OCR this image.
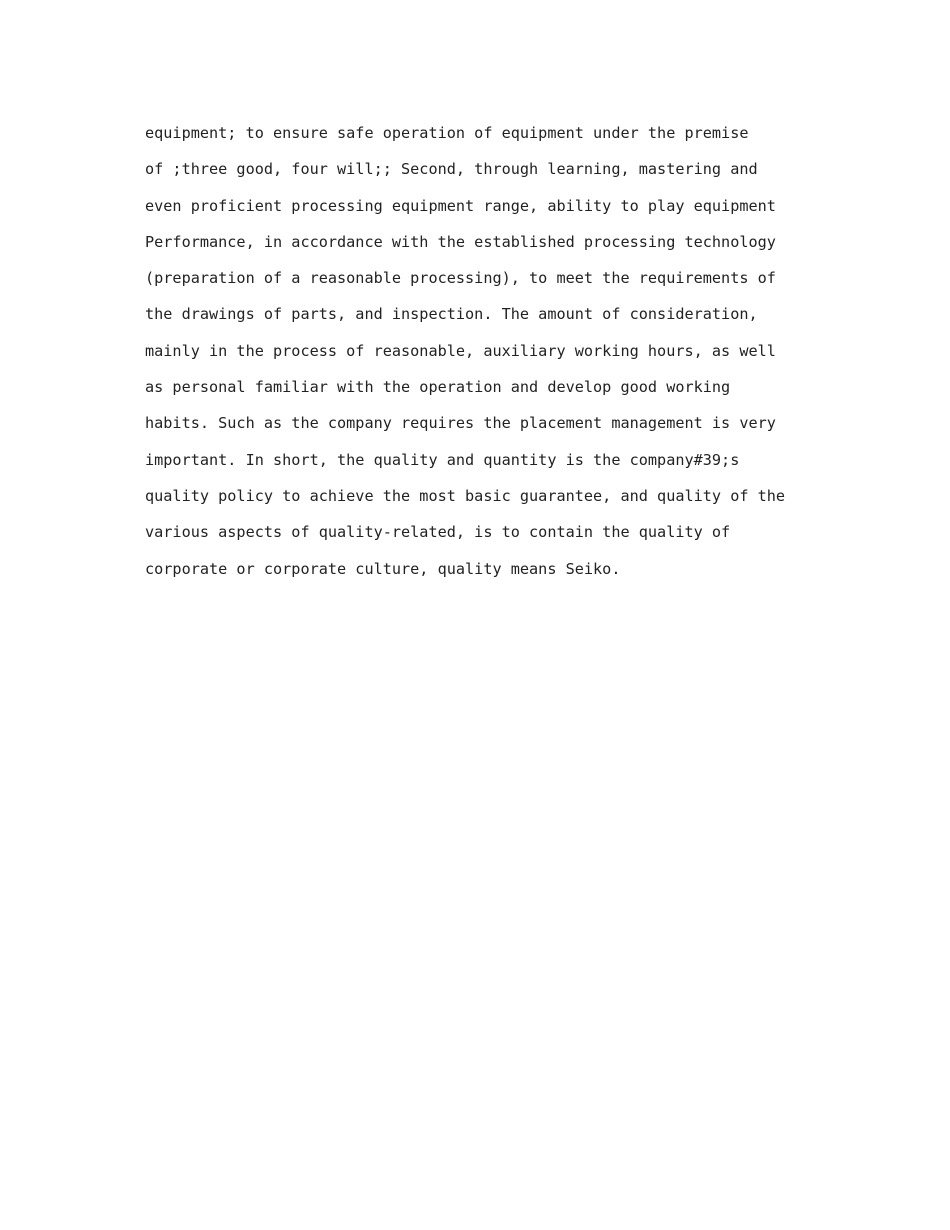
equipment; to ensure safe operation of equipment under the premise
of ;three good, four will;; Second, through learning, mastering and
even proficient processing equipment range, ability to play equipment
Performance, in accordance with the established processing technology
(preparation of a reasonable processing), to meet the requirements of
the drawings of parts, and inspection. The amount of consideration,
mainly in the process of reasonable, auxiliary working hours, as well
as personal familiar with the operation and develop good working
habits. Such as the company requires the placement management is very
important. In short, the quality and quantity is the company#39;s
quality policy to achieve the most basic guarantee, and quality of the
various aspects of quality-related, is to contain the quality of
corporate or corporate culture, quality means Seiko.
